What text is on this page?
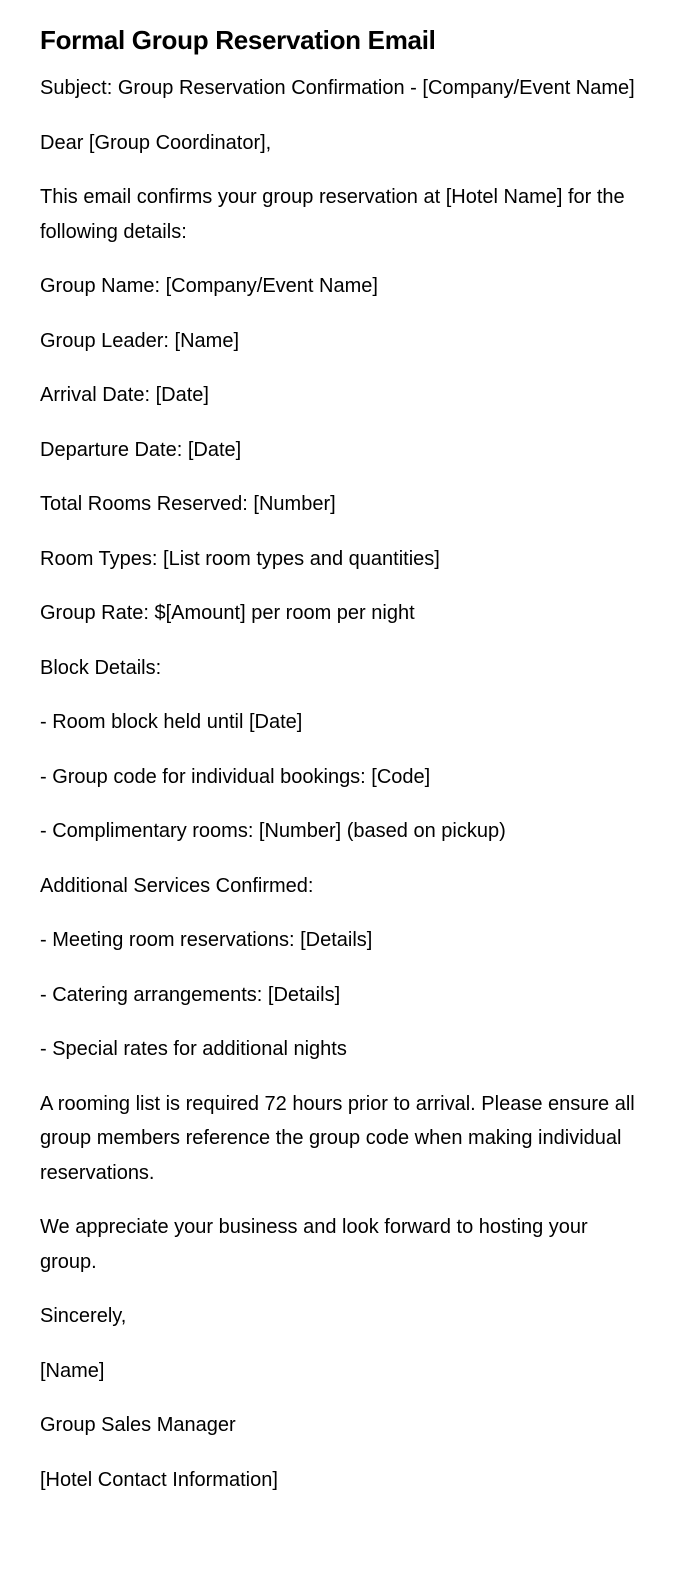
Formal Group Reservation Email

Subject: Group Reservation Confirmation - [Company/Event Name]

Dear [Group Coordinator],

This email confirms your group reservation at [Hotel Name] for the following details:

Group Name: [Company/Event Name]

Group Leader: [Name]

Arrival Date: [Date]

Departure Date: [Date]

Total Rooms Reserved: [Number]

Room Types: [List room types and quantities]

Group Rate: $[Amount] per room per night

Block Details:

- Room block held until [Date]

- Group code for individual bookings: [Code]

- Complimentary rooms: [Number] (based on pickup)

Additional Services Confirmed:

- Meeting room reservations: [Details]

- Catering arrangements: [Details]

- Special rates for additional nights

A rooming list is required 72 hours prior to arrival. Please ensure all group members reference the group code when making individual reservations.

We appreciate your business and look forward to hosting your group.

Sincerely,

[Name]

Group Sales Manager

[Hotel Contact Information]
